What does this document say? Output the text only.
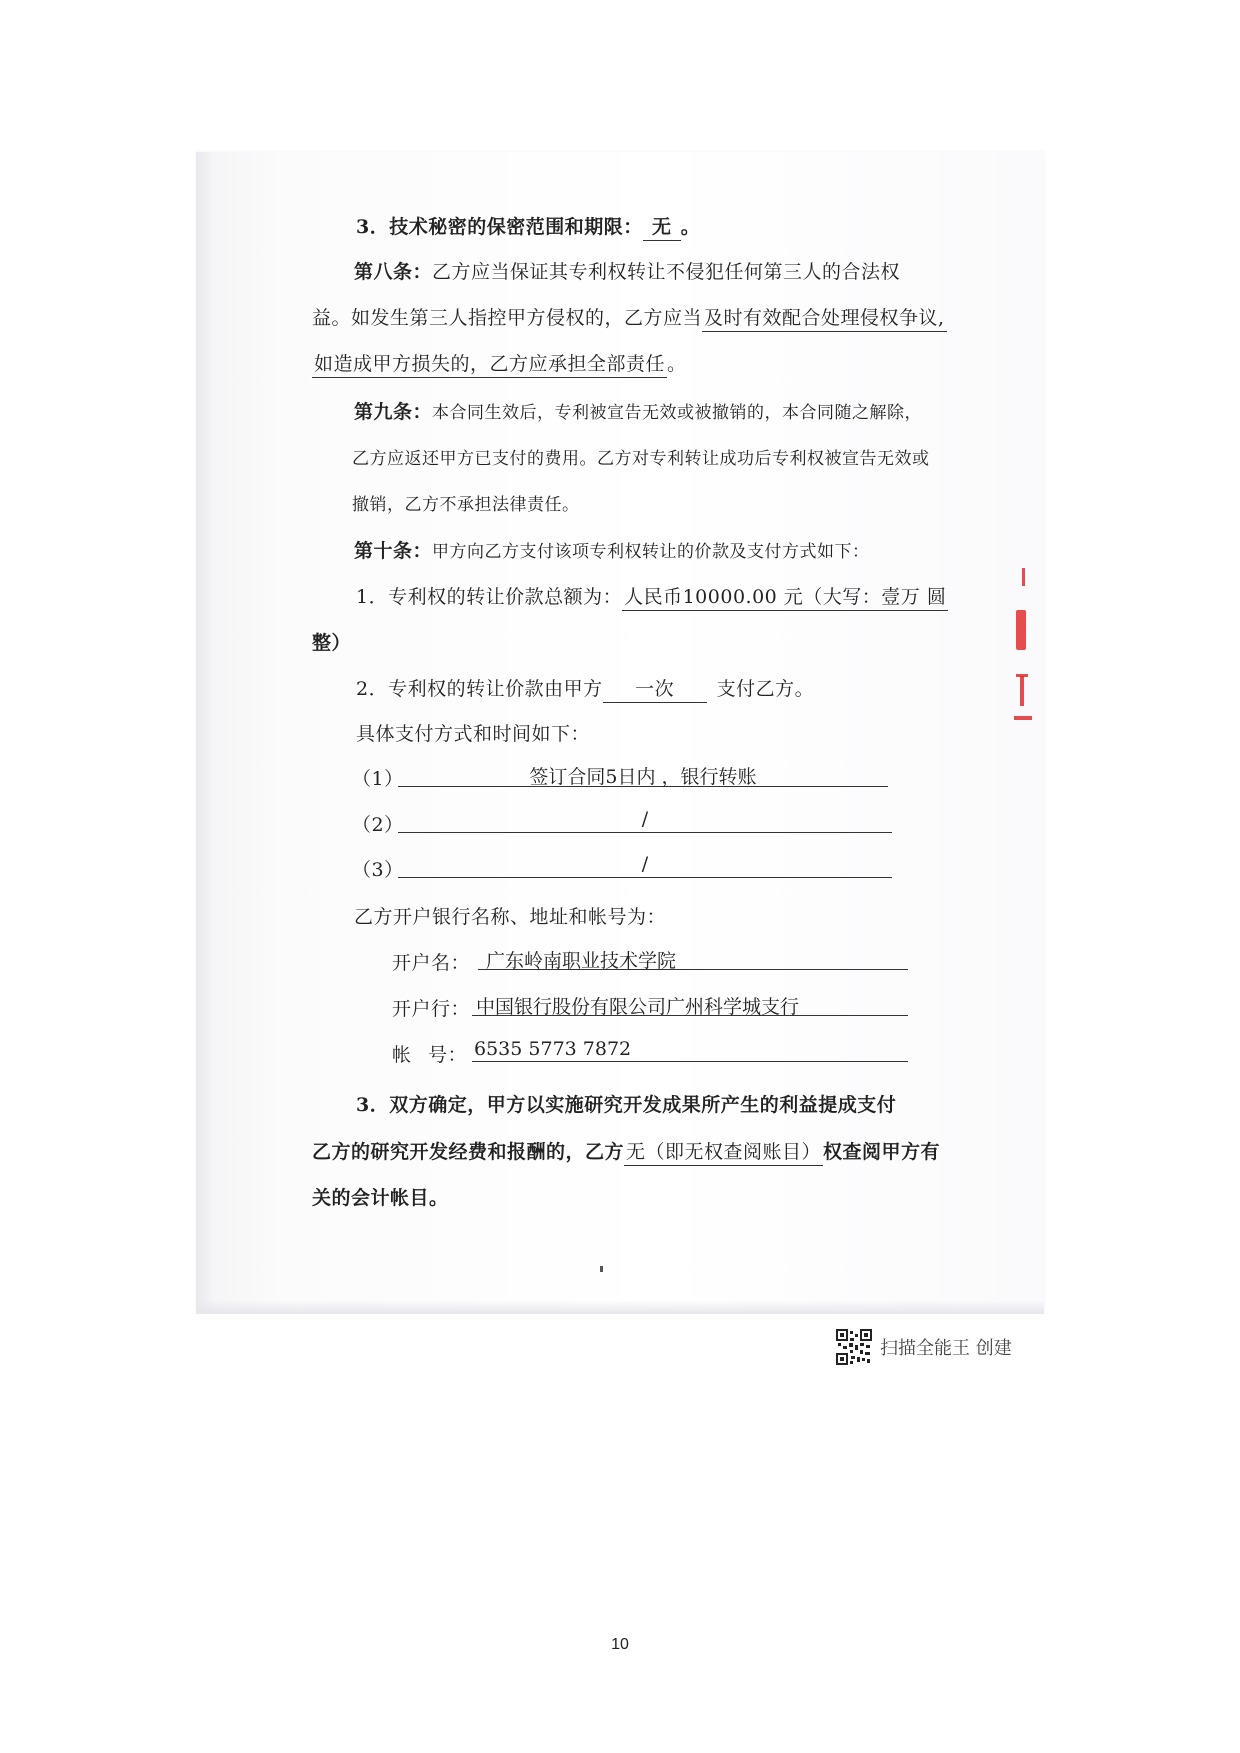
3．技术秘密的保密范围和期限： 无 。
第八条：乙方应当保证其专利权转让不侵犯任何第三人的合法权
益。如发生第三人指控甲方侵权的，乙方应当 及时有效配合处理侵权争议,
如造成甲方损失的，乙方应承担全部责任 。
第九条：本合同生效后，专利被宣告无效或被撤销的，本合同随之解除，
乙方应返还甲方已支付的费用。乙方对专利转让成功后专利权被宣告无效或
撤销，乙方不承担法律责任。
第十条：甲方向乙方支付该项专利权转让的价款及支付方式如下：
1．专利权的转让价款总额为： 人民币10000.00 元（大写：壹万 圆
整）
2．专利权的转让价款由甲方 一次 支付乙方。
具体支付方式和时间如下：
（1）	签订合同5日内 ，银行转账
（2）	/
（3）	/
乙方开户银行名称、地址和帐号为：
开户名： 广东岭南职业技术学院
开户行： 中国银行股份有限公司广州科学城支行
帐 号： 6535 5773 7872
3．双方确定，甲方以实施研究开发成果所产生的利益提成支付
乙方的研究开发经费和报酬的，乙方 无（即无权查阅账目） 权查阅甲方有
关的会计帐目。
扫描全能王 创建
10
